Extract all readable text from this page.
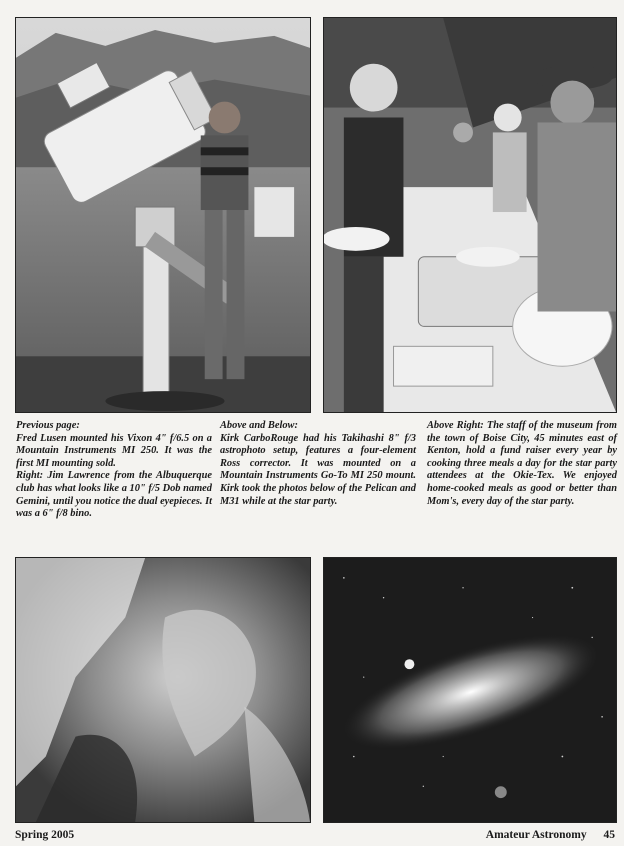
Previous page:

Fred Lusen mounted his Vixon 4" f/6.5 on a Mountain Instruments MI 250. It was the first MI mounting sold.

Right: Jim Lawrence from the Albuquerque club has what looks like a 10" f/5 Dob named Gemini, until you notice the dual eyepieces. It was a 6" f/8 bino.

Above and Below:

Kirk CarboRouge had his Takihashi 8" f/3 astrophoto setup, features a four-element Ross corrector. It was mounted on a Mountain Instruments Go-To MI 250 mount. Kirk took the photos below of the Pelican and M31 while at the star party.

Above Right: The staff of the museum from the town of Boise City, 45 minutes east of Kenton, hold a fund raiser every year by cooking three meals a day for the star party attendees at the Okie-Tex. We enjoyed home-cooked meals as good or better than Mom's, every day of the star party.

Spring 2005	Amateur Astronomy 45
